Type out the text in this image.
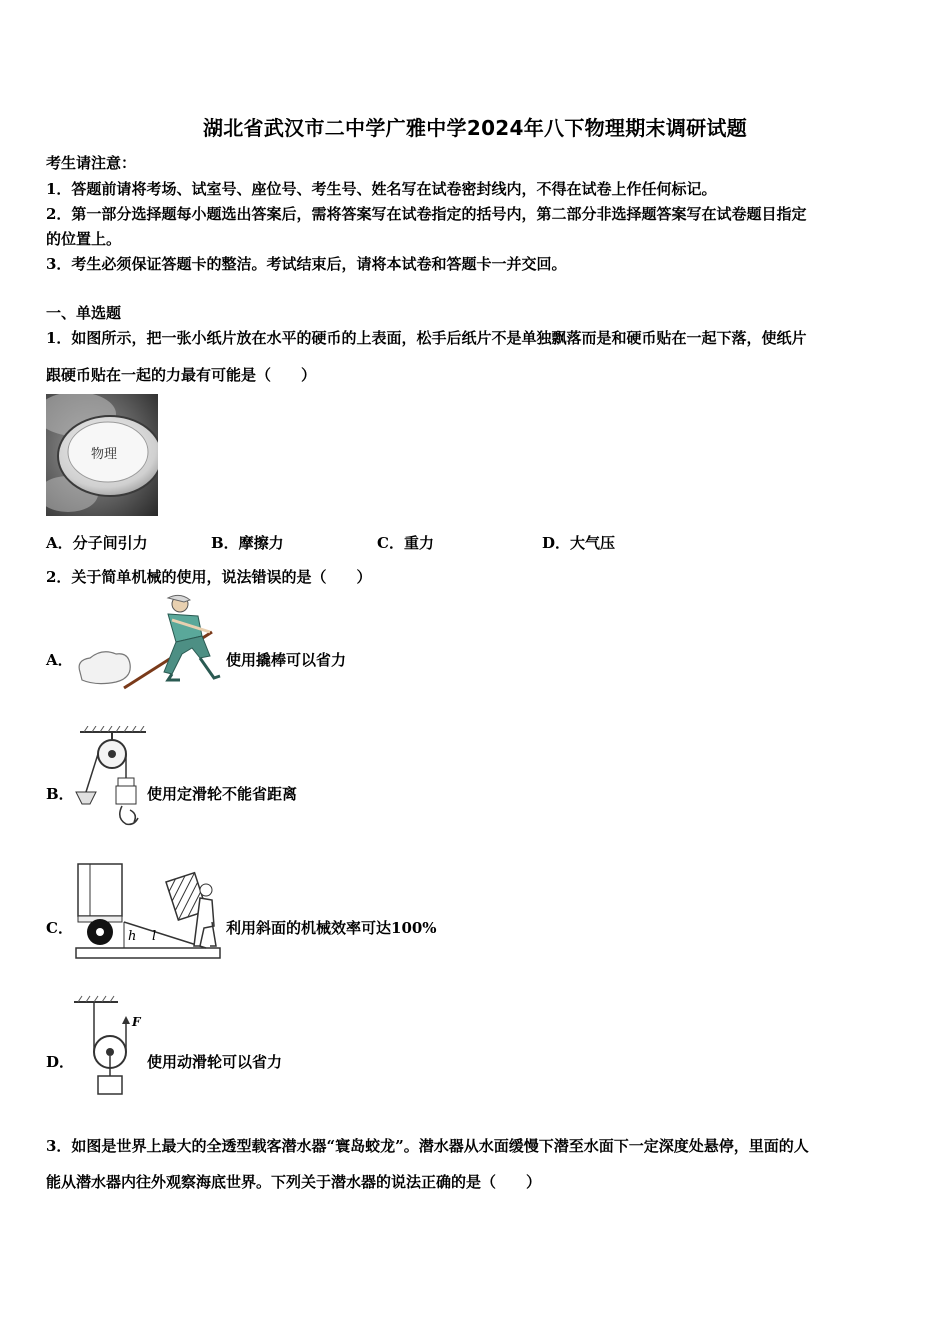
湖北省武汉市二中学广雅中学2024年八下物理期末调研试题
考生请注意：
1．答题前请将考场、试室号、座位号、考生号、姓名写在试卷密封线内，不得在试卷上作任何标记。
2．第一部分选择题每小题选出答案后，需将答案写在试卷指定的括号内，第二部分非选择题答案写在试卷题目指定
的位置上。
3．考生必须保证答题卡的整洁。考试结束后，请将本试卷和答题卡一并交回。
一、单选题
1．如图所示，把一张小纸片放在水平的硬币的上表面，松手后纸片不是单独飘落而是和硬币贴在一起下落，使纸片
跟硬币贴在一起的力最有可能是（　　）
物理
A．分子间引力	B．摩擦力	C．重力	D．大气压
2．关于简单机械的使用，说法错误的是（　　）
A．	使用撬棒可以省力
B．	使用定滑轮不能省距离
C．	h l	利用斜面的机械效率可达100%
D．
F
使用动滑轮可以省力
3．如图是世界上最大的全透型载客潜水器“寰岛蛟龙”。潜水器从水面缓慢下潜至水面下一定深度处悬停，里面的人
能从潜水器内往外观察海底世界。下列关于潜水器的说法正确的是（　　）
